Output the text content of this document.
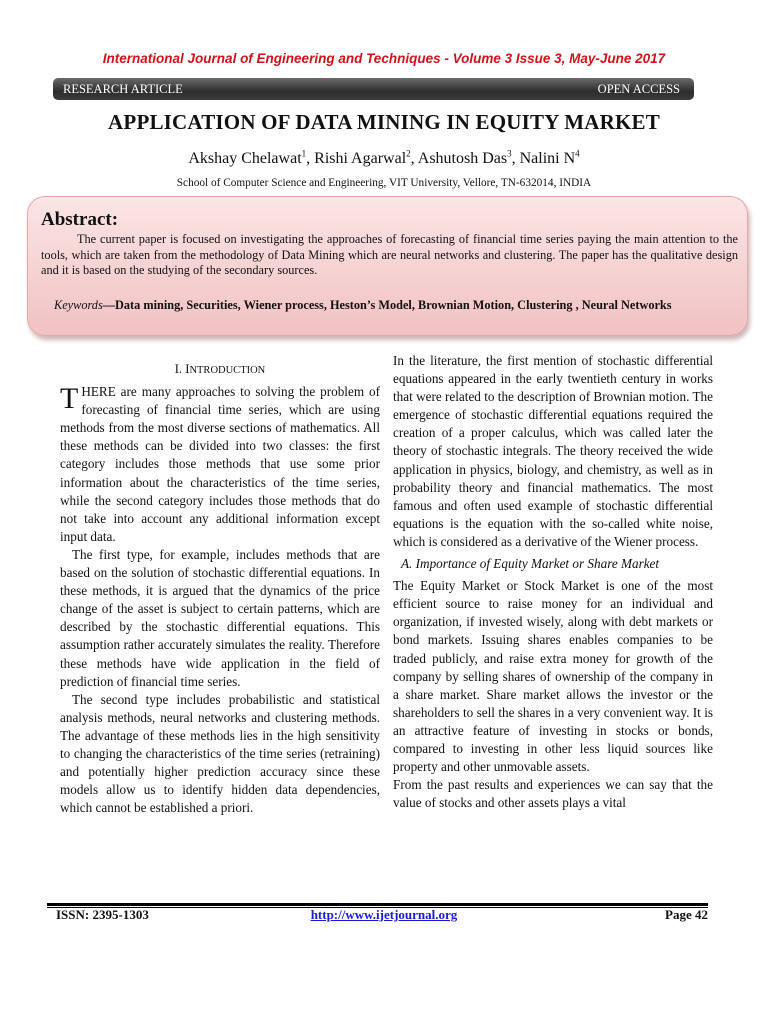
International Journal of Engineering and Techniques - Volume 3 Issue 3, May-June 2017
RESEARCH ARTICLE	OPEN ACCESS
APPLICATION OF DATA MINING IN EQUITY MARKET
Akshay Chelawat$^1$, Rishi Agarwal$^2$, Ashutosh Das$^3$, Nalini $N^4$
School of Computer Science and Engineering, VIT University, Vellore, TN-632014, INDIA
Abstract:
The current paper is focused on investigating the approaches of forecasting of financial time series paying the main attention to the tools, which are taken from the methodology of Data Mining which are neural networks and clustering. The paper has the qualitative design and it is based on the studying of the secondary sources.
Keywords—Data mining, Securities, Wiener process, Heston’s Model, Brownian Motion, Clustering , Neural Networks
I. INTRODUCTION

THERE are many approaches to solving the problem of forecasting of financial time series, which are using methods from the most diverse sections of mathematics. All these methods can be divided into two classes: the first category includes those methods that use some prior information about the characteristics of the time series, while the second category includes those methods that do not take into account any additional information except input data.

The first type, for example, includes methods that are based on the solution of stochastic differential equations. In these methods, it is argued that the dynamics of the price change of the asset is subject to certain patterns, which are described by the stochastic differential equations. This assumption rather accurately simulates the reality. Therefore these methods have wide application in the field of prediction of financial time series.

The second type includes probabilistic and statistical analysis methods, neural networks and clustering methods. The advantage of these methods lies in the high sensitivity to changing the characteristics of the time series (retraining) and potentially higher prediction accuracy since these models allow us to identify hidden data dependencies, which cannot be established a priori.

In the literature, the first mention of stochastic differential equations appeared in the early twentieth century in works that were related to the description of Brownian motion. The emergence of stochastic differential equations required the creation of a proper calculus, which was called later the theory of stochastic integrals. The theory received the wide application in physics, biology, and chemistry, as well as in probability theory and financial mathematics. The most famous and often used example of stochastic differential equations is the equation with the so-called white noise, which is considered as a derivative of the Wiener process.

A. Importance of Equity Market or Share Market

The Equity Market or Stock Market is one of the most efficient source to raise money for an individual and organization, if invested wisely, along with debt markets or bond markets. Issuing shares enables companies to be traded publicly, and raise extra money for growth of the company by selling shares of ownership of the company in a share market. Share market allows the investor or the shareholders to sell the shares in a very convenient way. It is an attractive feature of investing in stocks or bonds, compared to investing in other less liquid sources like property and other unmovable assets.

From the past results and experiences we can say that the value of stocks and other assets plays a vital

ISSN: 2395-1303	http://www.ijetjournal.org	Page 42
